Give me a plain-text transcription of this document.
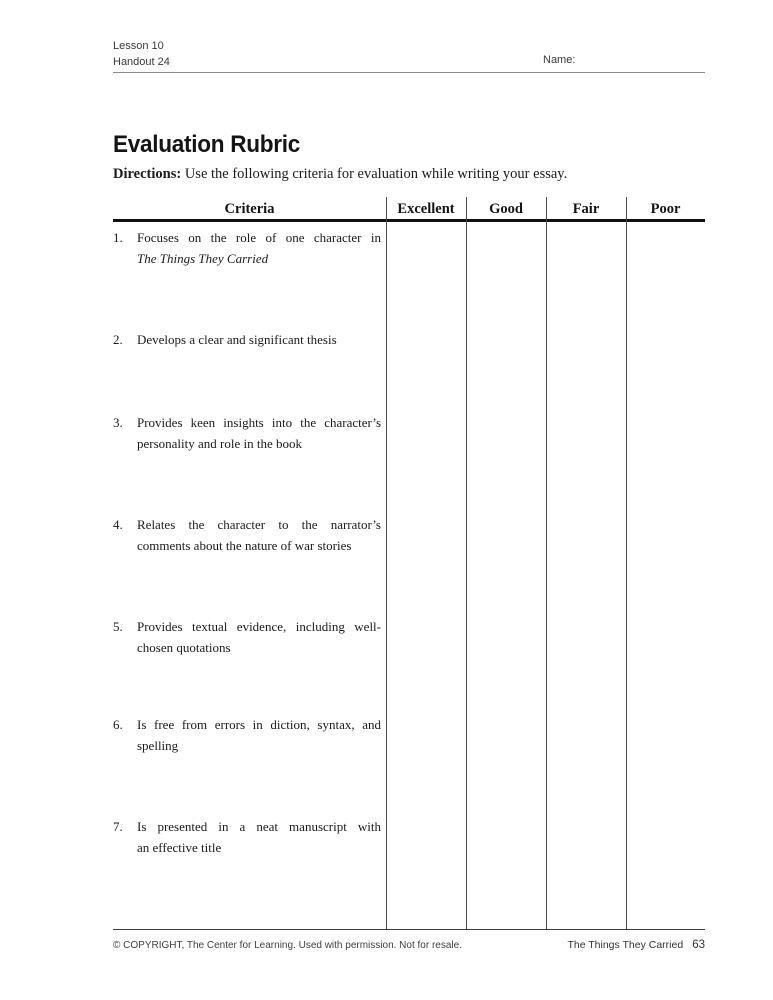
Lesson 10
Handout 24	Name:
Evaluation Rubric
Directions: Use the following criteria for evaluation while writing your essay.
Criteria	Excellent	Good	Fair	Poor
1.	Focuses on the role of one character in
The Things They Carried
2.	Develops a clear and significant thesis
3.	Provides keen insights into the character’s
personality and role in the book
4.	Relates the character to the narrator’s
comments about the nature of war stories
5.	Provides textual evidence, including well-
chosen quotations
6.	Is free from errors in diction, syntax, and
spelling
7.	Is presented in a neat manuscript with
an effective title
© COPYRIGHT, The Center for Learning. Used with permission. Not for resale.	The Things They Carried 63
